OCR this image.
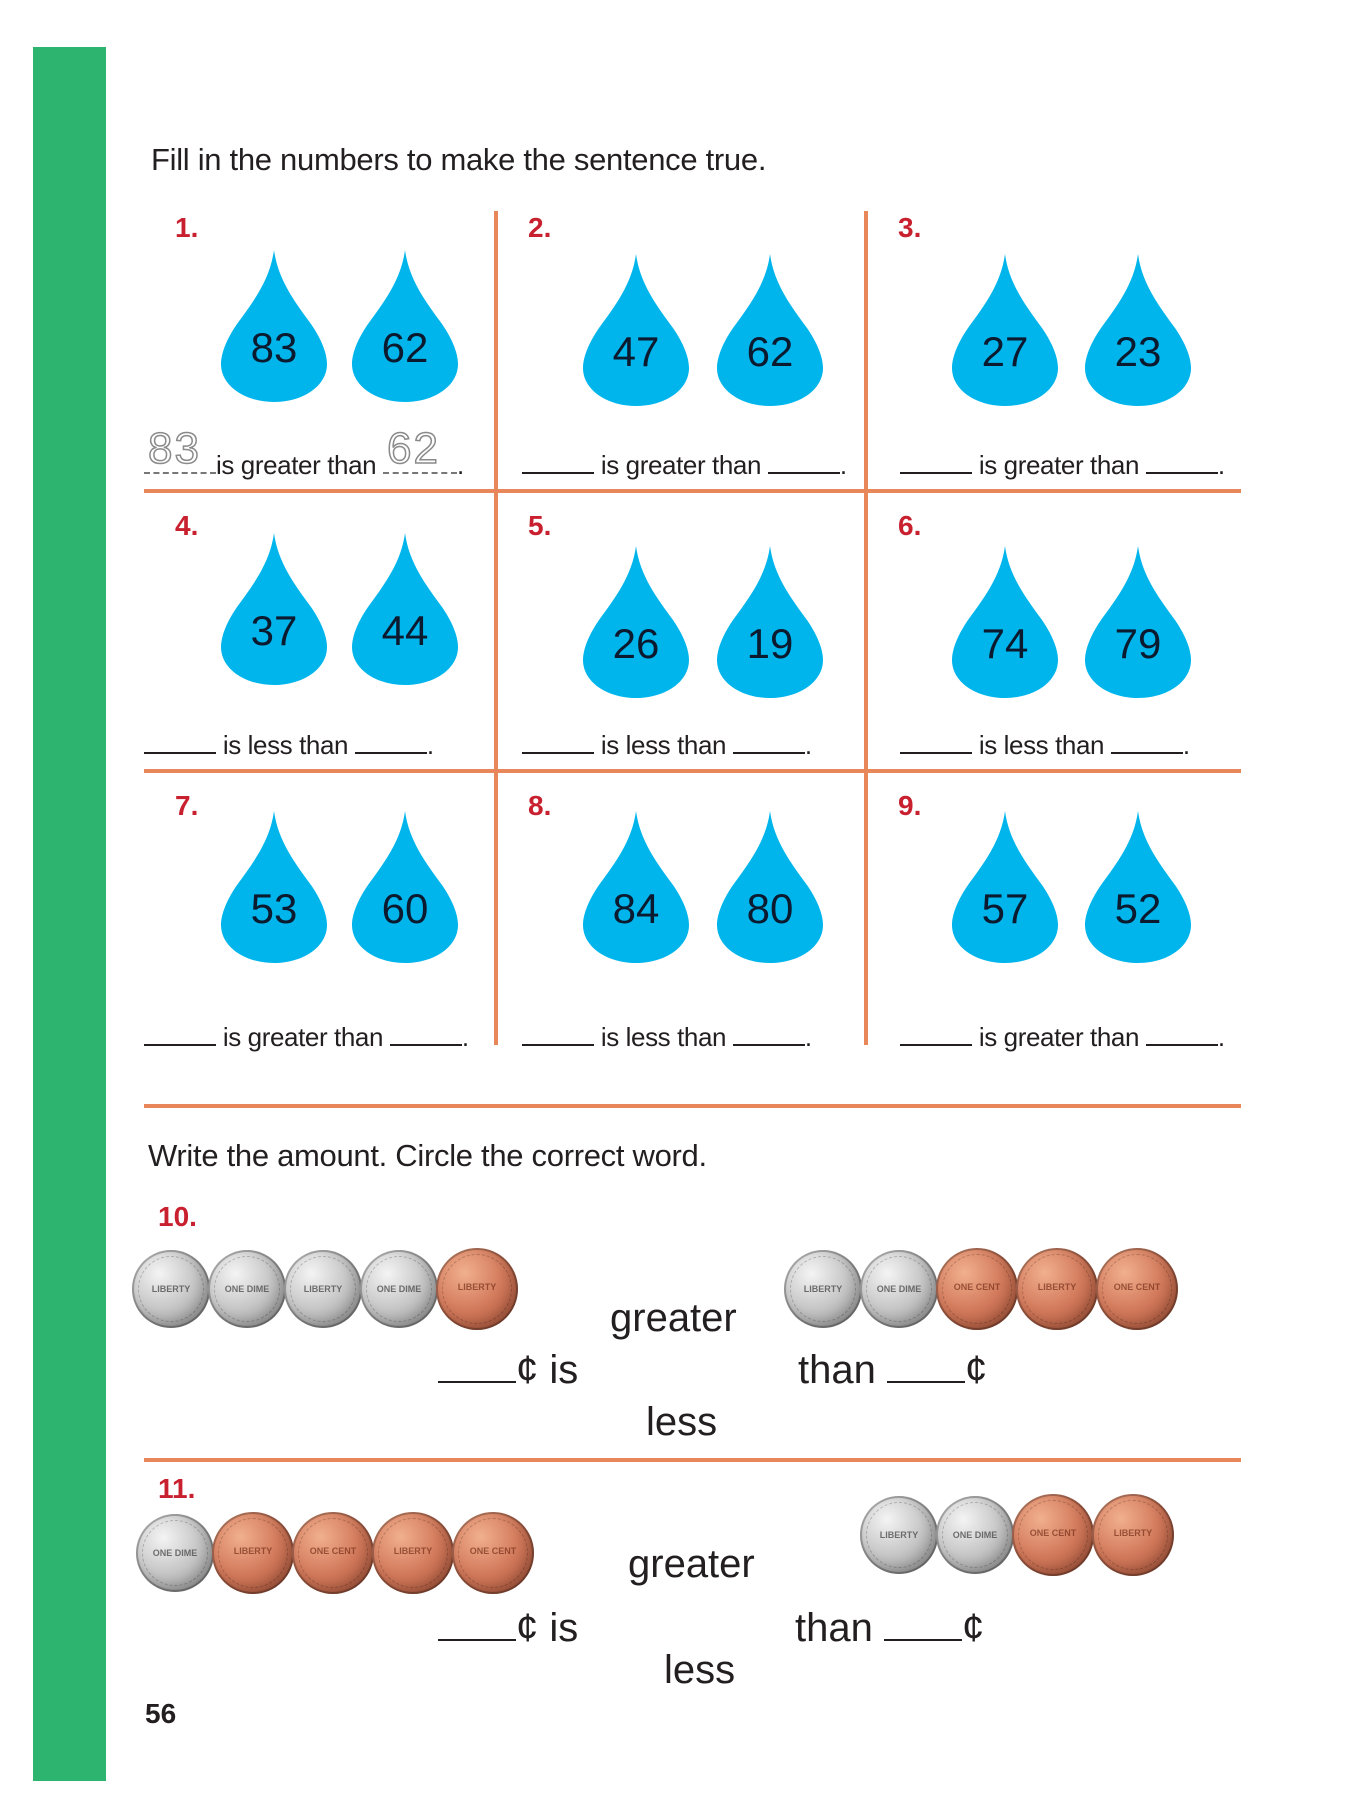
Fill in the numbers to make the sentence true.
1.
83	62
83 is greater than 62 .
2.
47	62
is greater than	.
3.
27	23
is greater than	.
4.
37	44
is less than	.
5.
26	19
is less than	.
6.
74	79
is less than	.
7.
53	60
is greater than	.
8.
84	80
is less than	.
9.
57	52
is greater than	.
Write the amount. Circle the correct word.
10.
LIBERTY	ONE DIME	LIBERTY	ONE DIME	LIBERTY	LIBERTY	ONE DIME	ONE CENT	LIBERTY	ONE CENT
greater
¢ is
less
than ¢
11.
ONE DIME	LIBERTY	ONE CENT	LIBERTY	ONE CENT
LIBERTY	ONE DIME	ONE CENT	LIBERTY
greater
¢ is
less
than ¢
56
